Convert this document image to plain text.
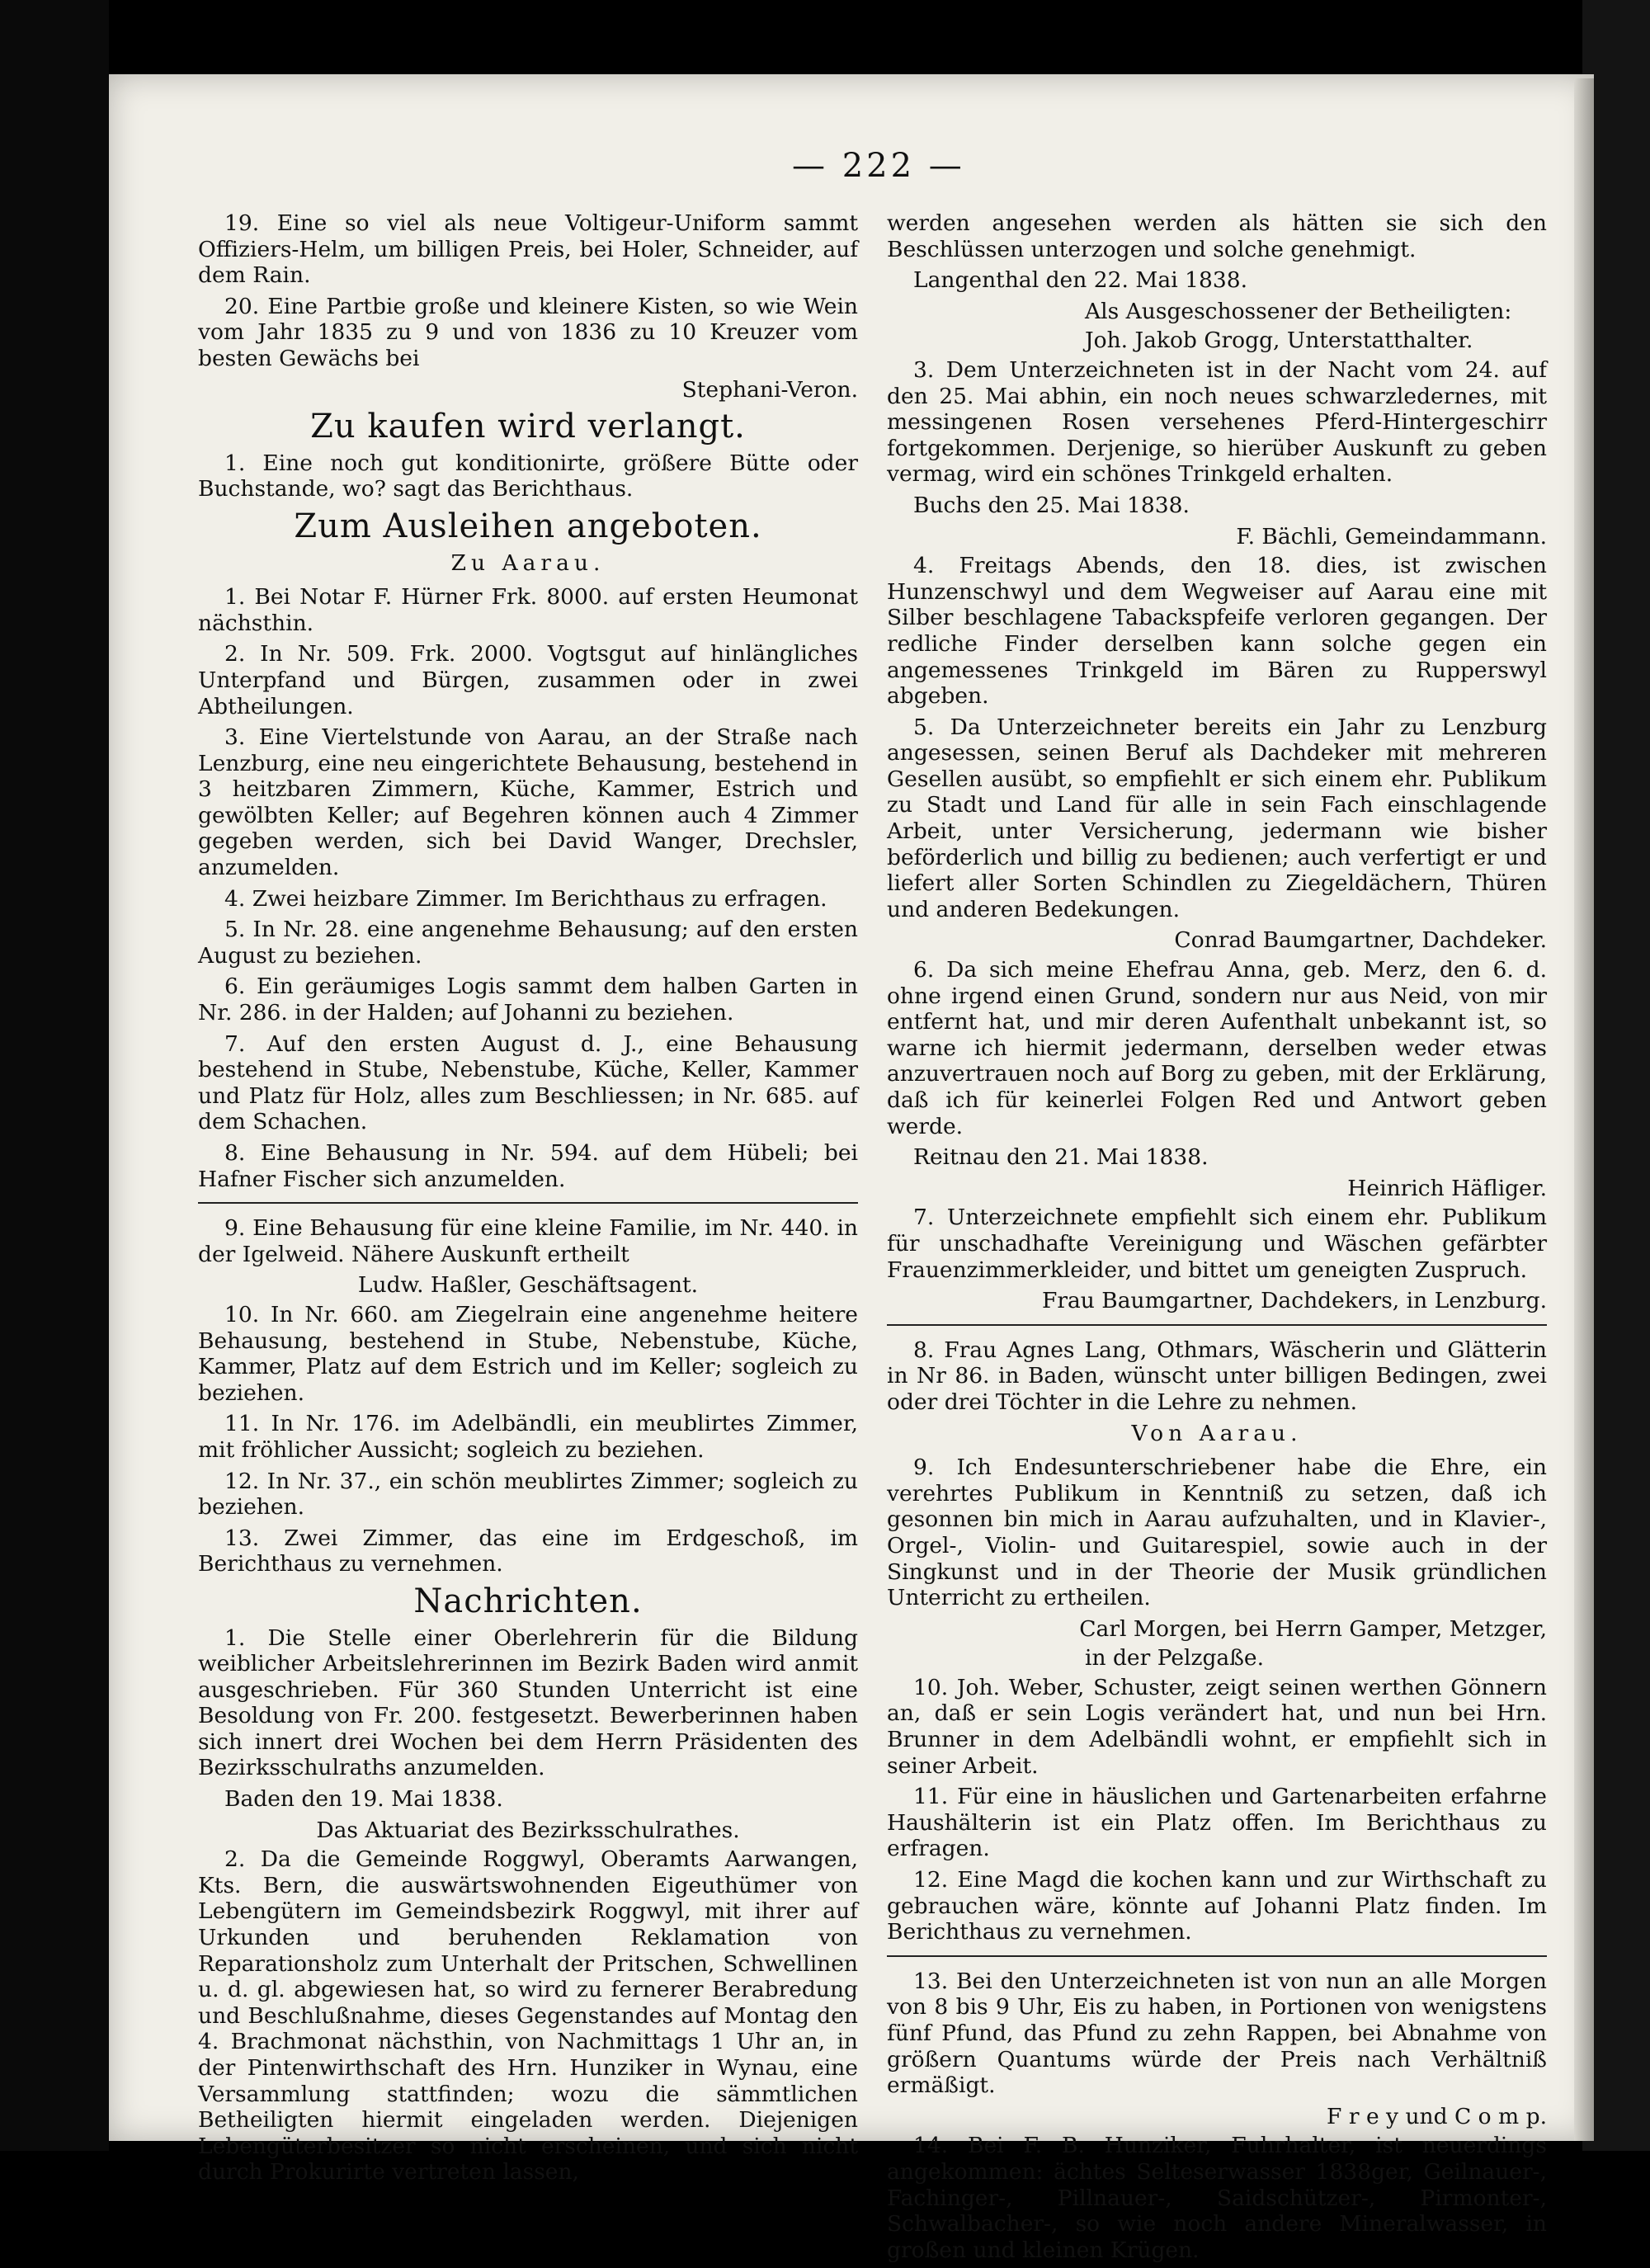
— 222 —

19. Eine so viel als neue Voltigeur-Uniform sammt Offiziers-Helm, um billigen Preis, bei Holer, Schneider, auf dem Rain.

20. Eine Partbie große und kleinere Kisten, so wie Wein vom Jahr 1835 zu 9 und von 1836 zu 10 Kreuzer vom besten Gewächs bei

Stephani-Veron.
Zu kaufen wird verlangt.

1. Eine noch gut konditionirte, größere Bütte oder Buchstande, wo? sagt das Berichthaus.

Zum Ausleihen angeboten.
Zu Aarau.

1. Bei Notar F. Hürner Frk. 8000. auf ersten Heumonat nächsthin.

2. In Nr. 509. Frk. 2000. Vogtsgut auf hinlängliches Unterpfand und Bürgen, zusammen oder in zwei Abtheilungen.

3. Eine Viertelstunde von Aarau, an der Straße nach Lenzburg, eine neu eingerichtete Behausung, bestehend in 3 heitzbaren Zimmern, Küche, Kammer, Estrich und gewölbten Keller; auf Begehren können auch 4 Zimmer gegeben werden, sich bei David Wanger, Drechsler, anzumelden.

4. Zwei heizbare Zimmer. Im Berichthaus zu erfragen.

5. In Nr. 28. eine angenehme Behausung; auf den ersten August zu beziehen.

6. Ein geräumiges Logis sammt dem halben Garten in Nr. 286. in der Halden; auf Johanni zu beziehen.

7. Auf den ersten August d. J., eine Behausung bestehend in Stube, Nebenstube, Küche, Keller, Kammer und Platz für Holz, alles zum Beschliessen; in Nr. 685. auf dem Schachen.

8. Eine Behausung in Nr. 594. auf dem Hübeli; bei Hafner Fischer sich anzumelden.

9. Eine Behausung für eine kleine Familie, im Nr. 440. in der Igelweid. Nähere Auskunft ertheilt

Ludw. Haßler, Geschäftsagent.

10. In Nr. 660. am Ziegelrain eine angenehme heitere Behausung, bestehend in Stube, Nebenstube, Küche, Kammer, Platz auf dem Estrich und im Keller; sogleich zu beziehen.

11. In Nr. 176. im Adelbändli, ein meublirtes Zimmer, mit fröhlicher Aussicht; sogleich zu beziehen.

12. In Nr. 37., ein schön meublirtes Zimmer; sogleich zu beziehen.

13. Zwei Zimmer, das eine im Erdgeschoß, im Berichthaus zu vernehmen.

Nachrichten.

1. Die Stelle einer Oberlehrerin für die Bildung weiblicher Arbeitslehrerinnen im Bezirk Baden wird anmit ausgeschrieben. Für 360 Stunden Unterricht ist eine Besoldung von Fr. 200. festgesetzt. Bewerberinnen haben sich innert drei Wochen bei dem Herrn Präsidenten des Bezirksschulraths anzumelden.

Baden den 19. Mai 1838.

Das Aktuariat des Bezirksschulrathes.

2. Da die Gemeinde Roggwyl, Oberamts Aarwangen, Kts. Bern, die auswärtswohnenden Eigeuthümer von Lebengütern im Gemeindsbezirk Roggwyl, mit ihrer auf Urkunden und beruhenden Reklamation von Reparationsholz zum Unterhalt der Pritschen, Schwellinen u. d. gl. abgewiesen hat, so wird zu fernerer Berabredung und Beschlußnahme, dieses Gegenstandes auf Montag den 4. Brachmonat nächsthin, von Nachmittags 1 Uhr an, in der Pintenwirthschaft des Hrn. Hunziker in Wynau, eine Versammlung stattfinden; wozu die sämmtlichen Betheiligten hiermit eingeladen werden. Diejenigen Lebengüterbesitzer so nicht erscheinen, und sich nicht durch Prokurirte vertreten lassen,

werden angesehen werden als hätten sie sich den Beschlüssen unterzogen und solche genehmigt.

Langenthal den 22. Mai 1838.

Als Ausgeschossener der Betheiligten:
Joh. Jakob Grogg, Unterstatthalter.

3. Dem Unterzeichneten ist in der Nacht vom 24. auf den 25. Mai abhin, ein noch neues schwarzledernes, mit messingenen Rosen versehenes Pferd-Hintergeschirr fortgekommen. Derjenige, so hierüber Auskunft zu geben vermag, wird ein schönes Trinkgeld erhalten.

Buchs den 25. Mai 1838.

F. Bächli, Gemeindammann.

4. Freitags Abends, den 18. dies, ist zwischen Hunzenschwyl und dem Wegweiser auf Aarau eine mit Silber beschlagene Tabackspfeife verloren gegangen. Der redliche Finder derselben kann solche gegen ein angemessenes Trinkgeld im Bären zu Rupperswyl abgeben.

5. Da Unterzeichneter bereits ein Jahr zu Lenzburg angesessen, seinen Beruf als Dachdeker mit mehreren Gesellen ausübt, so empfiehlt er sich einem ehr. Publikum zu Stadt und Land für alle in sein Fach einschlagende Arbeit, unter Versicherung, jedermann wie bisher beförderlich und billig zu bedienen; auch verfertigt er und liefert aller Sorten Schindlen zu Ziegeldächern, Thüren und anderen Bedekungen.

Conrad Baumgartner, Dachdeker.

6. Da sich meine Ehefrau Anna, geb. Merz, den 6. d. ohne irgend einen Grund, sondern nur aus Neid, von mir entfernt hat, und mir deren Aufenthalt unbekannt ist, so warne ich hiermit jedermann, derselben weder etwas anzuvertrauen noch auf Borg zu geben, mit der Erklärung, daß ich für keinerlei Folgen Red und Antwort geben werde.

Reitnau den 21. Mai 1838.

Heinrich Häfliger.

7. Unterzeichnete empfiehlt sich einem ehr. Publikum für unschadhafte Vereinigung und Wäschen gefärbter Frauenzimmerkleider, und bittet um geneigten Zuspruch.

Frau Baumgartner, Dachdekers, in Lenzburg.

8. Frau Agnes Lang, Othmars, Wäscherin und Glätterin in Nr 86. in Baden, wünscht unter billigen Bedingen, zwei oder drei Töchter in die Lehre zu nehmen.

Von Aarau.

9. Ich Endesunterschriebener habe die Ehre, ein verehrtes Publikum in Kenntniß zu setzen, daß ich gesonnen bin mich in Aarau aufzuhalten, und in Klavier-, Orgel-, Violin- und Guitarespiel, sowie auch in der Singkunst und in der Theorie der Musik gründlichen Unterricht zu ertheilen.

Carl Morgen, bei Herrn Gamper, Metzger,
in der Pelzgaße.

10. Joh. Weber, Schuster, zeigt seinen werthen Gönnern an, daß er sein Logis verändert hat, und nun bei Hrn. Brunner in dem Adelbändli wohnt, er empfiehlt sich in seiner Arbeit.

11. Für eine in häuslichen und Gartenarbeiten erfahrne Haushälterin ist ein Platz offen. Im Berichthaus zu erfragen.

12. Eine Magd die kochen kann und zur Wirthschaft zu gebrauchen wäre, könnte auf Johanni Platz finden. Im Berichthaus zu vernehmen.

13. Bei den Unterzeichneten ist von nun an alle Morgen von 8 bis 9 Uhr, Eis zu haben, in Portionen von wenigstens fünf Pfund, das Pfund zu zehn Rappen, bei Abnahme von größern Quantums würde der Preis nach Verhältniß ermäßigt.

F r e y und C o m p.

14. Bei F. B. Hunziker, Fuhrhalter, ist neuerdings angekommen: ächtes Selteserwasser 1838ger, Geilnauer-, Fachinger-, Pillnauer-, Saidschützer-, Pirmonter-, Schwalbacher-, so wie noch andere Mineralwasser, in großen und kleinen Krügen.
